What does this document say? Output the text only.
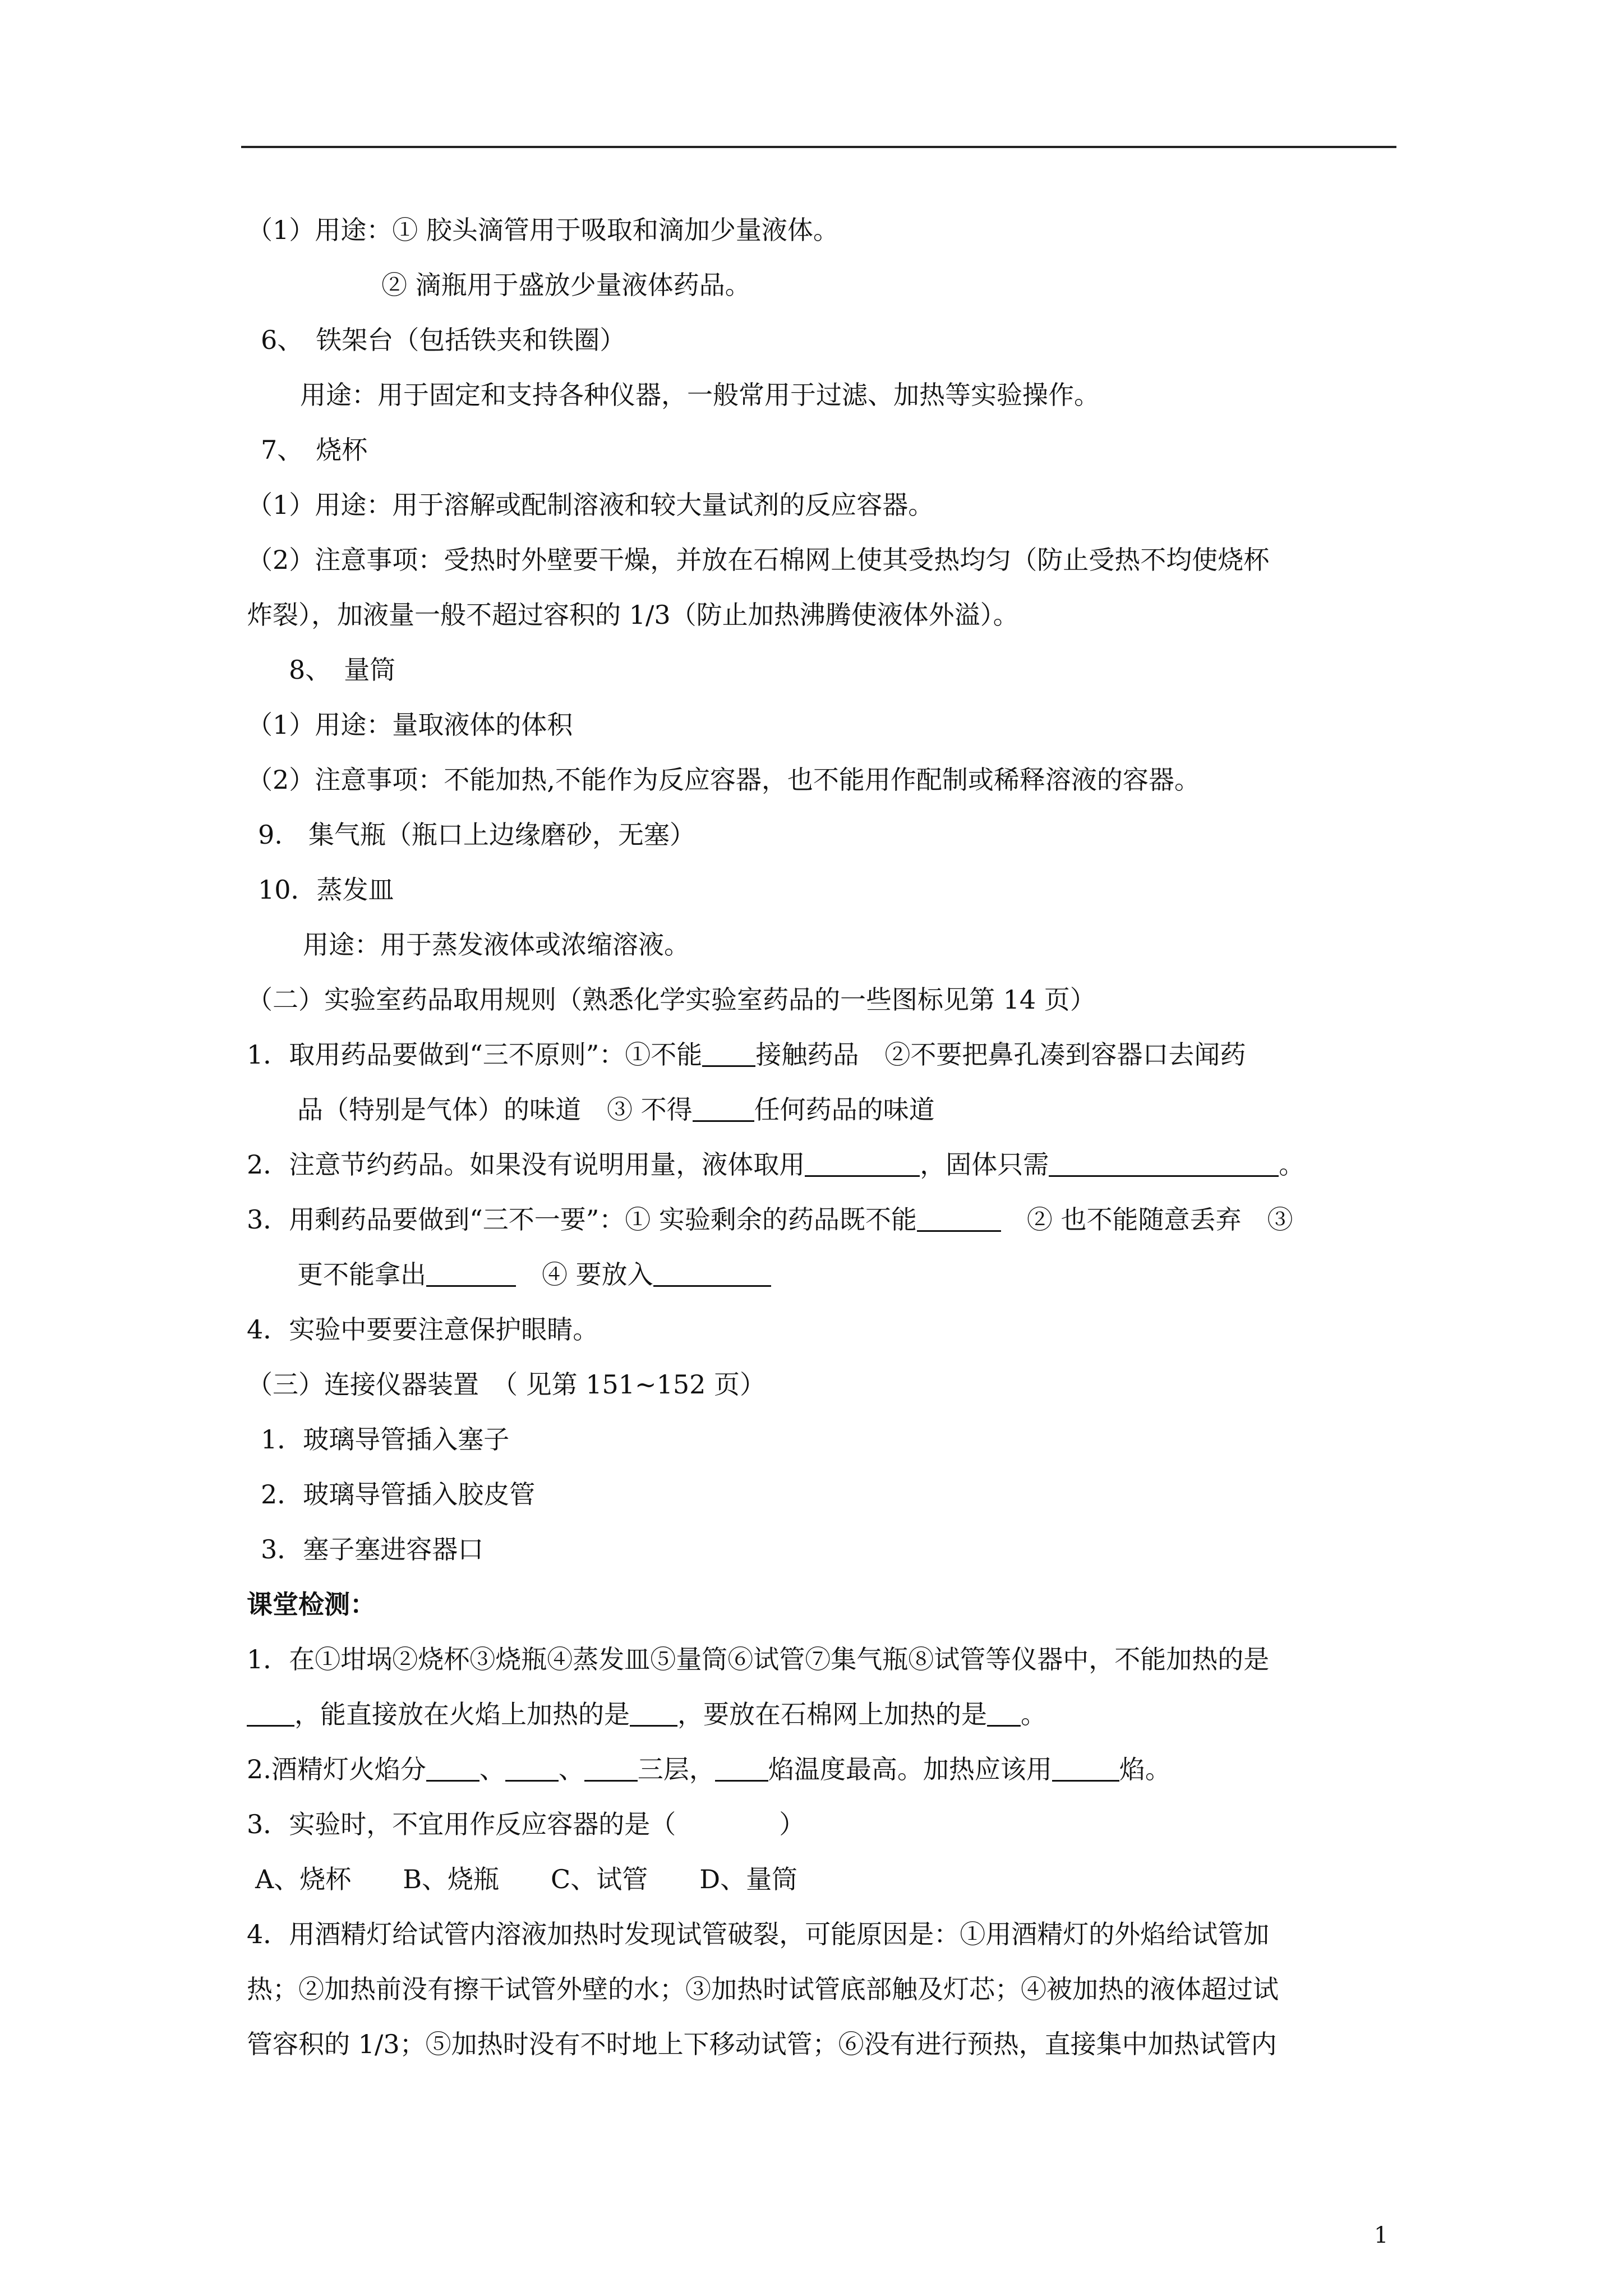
（1）用途：① 胶头滴管用于吸取和滴加少量液体。
② 滴瓶用于盛放少量液体药品。
6、　铁架台（包括铁夹和铁圈）
用途：用于固定和支持各种仪器，一般常用于过滤、加热等实验操作。
7、　烧杯
（1）用途：用于溶解或配制溶液和较大量试剂的反应容器。
（2）注意事项：受热时外壁要干燥，并放在石棉网上使其受热均匀（防止受热不均使烧杯
炸裂），加液量一般不超过容积的 1/3（防止加热沸腾使液体外溢）。
8、　量筒
（1）用途：量取液体的体积
（2）注意事项：不能加热,不能作为反应容器，也不能用作配制或稀释溶液的容器。
9.　集气瓶（瓶口上边缘磨砂，无塞）
10．蒸发皿
用途：用于蒸发液体或浓缩溶液。
（二）实验室药品取用规则（熟悉化学实验室药品的一些图标见第 14 页）
1．取用药品要做到“三不原则”：①不能 接触药品　②不要把鼻孔凑到容器口去闻药
品（特别是气体）的味道　③ 不得 任何药品的味道
2．注意节约药品。如果没有说明用量，液体取用	，固体只需	。
3．用剩药品要做到“三不一要”：① 实验剩余的药品既不能	　② 也不能随意丢弃　③
更不能拿出	　④ 要放入
4．实验中要要注意保护眼睛。
（三）连接仪器装置　（ 见第 151~152 页）
1．玻璃导管插入塞子
2．玻璃导管插入胶皮管
3．塞子塞进容器口
课堂检测：
1．在①坩埚②烧杯③烧瓶④蒸发皿⑤量筒⑥试管⑦集气瓶⑧试管等仪器中，不能加热的是
，能直接放在火焰上加热的是 ，要放在石棉网上加热的是 。
2.酒精灯火焰分 、 、 三层， 焰温度最高。加热应该用	焰。
3．实验时，不宜用作反应容器的是（　　　　）
A、烧杯　　B、烧瓶　　C、试管　　D、量筒
4．用酒精灯给试管内溶液加热时发现试管破裂，可能原因是：①用酒精灯的外焰给试管加
热；②加热前没有擦干试管外壁的水；③加热时试管底部触及灯芯；④被加热的液体超过试
管容积的 1/3；⑤加热时没有不时地上下移动试管；⑥没有进行预热，直接集中加热试管内
1
